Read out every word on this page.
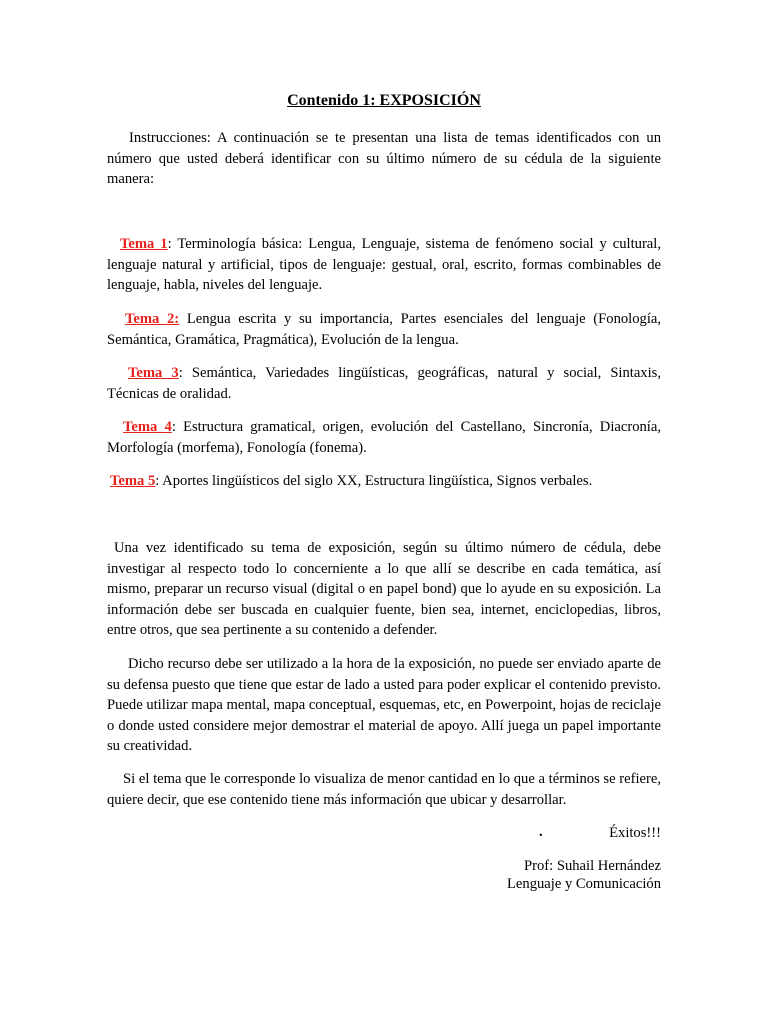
Contenido 1: EXPOSICIÓN
Instrucciones: A continuación se te presentan una lista de temas identificados con un número que usted deberá identificar con su último número de su cédula de la siguiente manera:
Tema 1: Terminología básica: Lengua, Lenguaje, sistema de fenómeno social y cultural, lenguaje natural y artificial, tipos de lenguaje: gestual, oral, escrito, formas combinables de lenguaje, habla, niveles del lenguaje.
Tema 2: Lengua escrita y su importancia, Partes esenciales del lenguaje (Fonología, Semántica, Gramática, Pragmática), Evolución de la lengua.
Tema 3: Semántica, Variedades lingüísticas, geográficas, natural y social, Sintaxis, Técnicas de oralidad.
Tema 4: Estructura gramatical, origen, evolución del Castellano, Sincronía, Diacronía, Morfología (morfema), Fonología (fonema).
Tema 5: Aportes lingüísticos del siglo XX, Estructura lingüística, Signos verbales.
Una vez identificado su tema de exposición, según su último número de cédula, debe investigar al respecto todo lo concerniente a lo que allí se describe en cada temática, así mismo, preparar un recurso visual (digital o en papel bond) que lo ayude en su exposición. La información debe ser buscada en cualquier fuente, bien sea, internet, enciclopedias, libros, entre otros, que sea pertinente a su contenido a defender.
Dicho recurso debe ser utilizado a la hora de la exposición, no puede ser enviado aparte de su defensa puesto que tiene que estar de lado a usted para poder explicar el contenido previsto. Puede utilizar mapa mental, mapa conceptual, esquemas, etc, en Powerpoint, hojas de reciclaje o donde usted considere mejor demostrar el material de apoyo. Allí juega un papel importante su creatividad.
Si el tema que le corresponde lo visualiza de menor cantidad en lo que a términos se refiere, quiere decir, que ese contenido tiene más información que ubicar y desarrollar.
.	Éxitos!!!
Prof: Suhail Hernández
Lenguaje y Comunicación
